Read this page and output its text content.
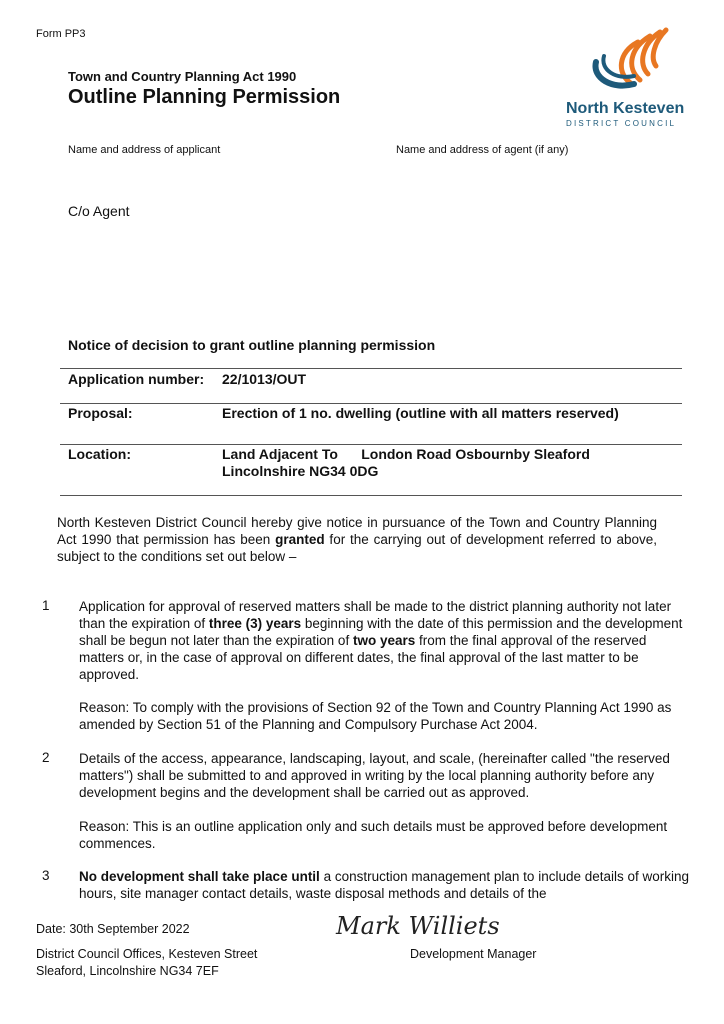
Form PP3
Town and Country Planning Act 1990
Outline Planning Permission
North Kesteven
DISTRICT COUNCIL
Name and address of applicant	Name and address of agent (if any)
C/o Agent
Notice of decision to grant outline planning permission
Application number: 22/1013/OUT
Proposal:	Erection of 1 no. dwelling (outline with all matters reserved)
Location:	Land Adjacent To      London Road Osbournby Sleaford
Lincolnshire NG34 0DG
North Kesteven District Council hereby give notice in pursuance of the Town and Country Planning Act 1990 that permission has been granted for the carrying out of development referred to above, subject to the conditions set out below –
1 Application for approval of reserved matters shall be made to the district planning authority not later than the expiration of three (3) years beginning with the date of this permission and the development shall be begun not later than the expiration of two years from the final approval of the reserved matters or, in the case of approval on different dates, the final approval of the last matter to be approved.
Reason: To comply with the provisions of Section 92 of the Town and Country Planning Act 1990 as amended by Section 51 of the Planning and Compulsory Purchase Act 2004.
2 Details of the access, appearance, landscaping, layout, and scale, (hereinafter called "the reserved matters") shall be submitted to and approved in writing by the local planning authority before any development begins and the development shall be carried out as approved.
Reason: This is an outline application only and such details must be approved before development commences.
3 No development shall take place until a construction management plan to include details of working hours, site manager contact details, waste disposal methods and details of the
Date: 30th September 2022
District Council Offices, Kesteven Street
Sleaford, Lincolnshire NG34 7EF
Mark Williets
Development Manager
